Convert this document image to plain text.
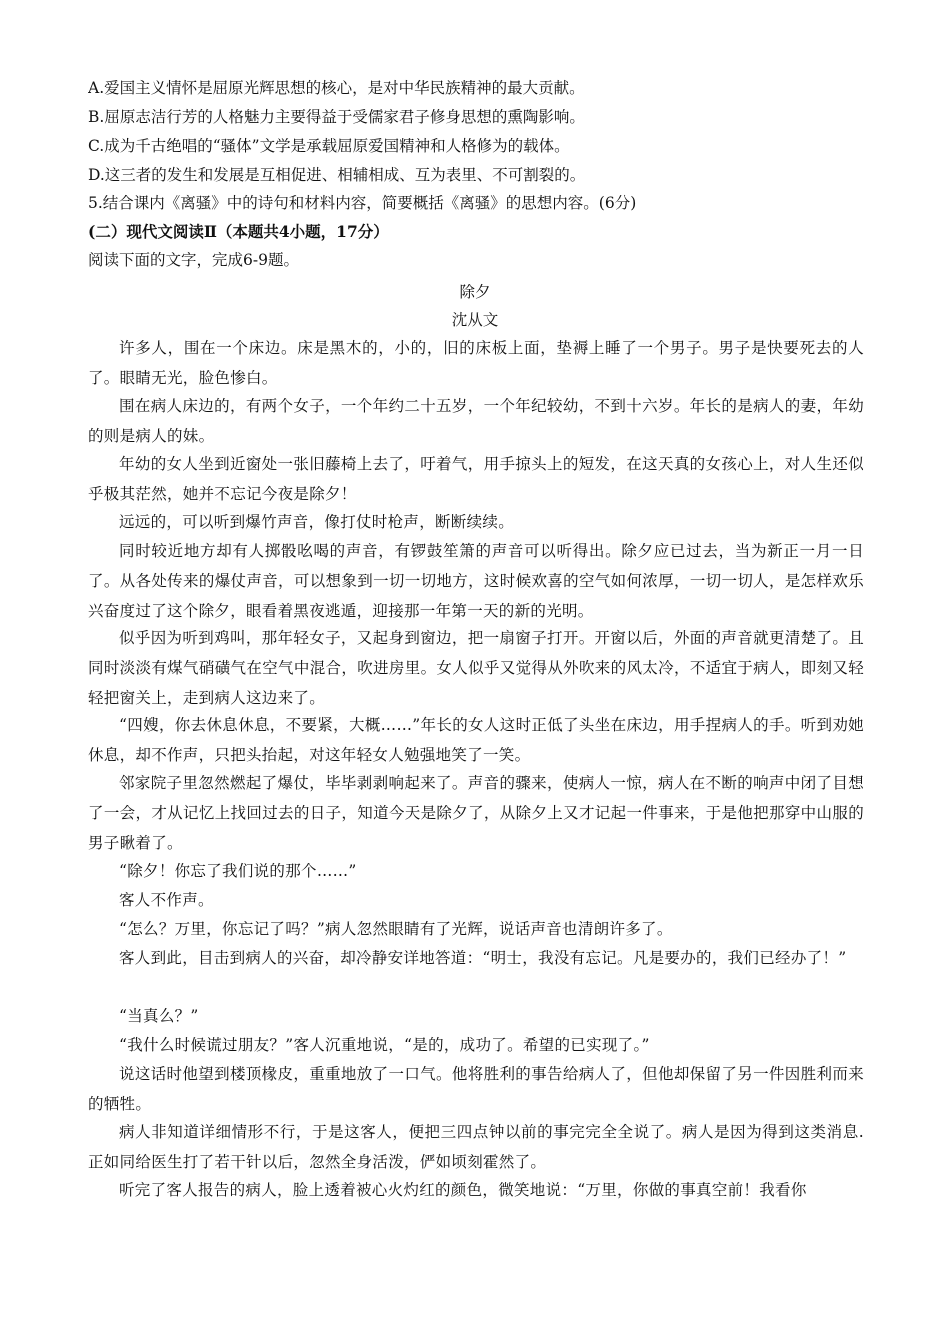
A.爱国主义情怀是屈原光辉思想的核心，是对中华民族精神的最大贡献。
B.屈原志洁行芳的人格魅力主要得益于受儒家君子修身思想的熏陶影响。
C.成为千古绝唱的“骚体”文学是承载屈原爱国精神和人格修为的载体。
D.这三者的发生和发展是互相促进、相辅相成、互为表里、不可割裂的。
5.结合课内《离骚》中的诗句和材料内容，简要概括《离骚》的思想内容。(6分)
(二）现代文阅读Ⅱ（本题共4小题，17分）
阅读下面的文字，完成6-9题。
除夕
沈从文
许多人，围在一个床边。床是黑木的，小的，旧的床板上面，垫褥上睡了一个男子。男子是快要死去的人了。眼睛无光，脸色惨白。
围在病人床边的，有两个女子，一个年约二十五岁，一个年纪较幼，不到十六岁。年长的是病人的妻，年幼的则是病人的妹。
年幼的女人坐到近窗处一张旧藤椅上去了，吁着气，用手掠头上的短发，在这天真的女孩心上，对人生还似乎极其茫然，她并不忘记今夜是除夕！
远远的，可以听到爆竹声音，像打仗时枪声，断断续续。
同时较近地方却有人掷骰吆喝的声音，有锣鼓笙箫的声音可以听得出。除夕应已过去，当为新正一月一日了。从各处传来的爆仗声音，可以想象到一切一切地方，这时候欢喜的空气如何浓厚，一切一切人，是怎样欢乐兴奋度过了这个除夕，眼看着黑夜逃遁，迎接那一年第一天的新的光明。
似乎因为听到鸡叫，那年轻女子，又起身到窗边，把一扇窗子打开。开窗以后，外面的声音就更清楚了。且同时淡淡有煤气硝磺气在空气中混合，吹进房里。女人似乎又觉得从外吹来的风太冷，不适宜于病人，即刻又轻轻把窗关上，走到病人这边来了。
“四嫂，你去休息休息，不要紧，大概……”年长的女人这时正低了头坐在床边，用手捏病人的手。听到劝她休息，却不作声，只把头抬起，对这年轻女人勉强地笑了一笑。
邻家院子里忽然燃起了爆仗，毕毕剥剥响起来了。声音的骤来，使病人一惊，病人在不断的响声中闭了目想了一会，才从记忆上找回过去的日子，知道今天是除夕了，从除夕上又才记起一件事来，于是他把那穿中山服的男子瞅着了。
“除夕！你忘了我们说的那个……”
客人不作声。
“怎么？万里，你忘记了吗？”病人忽然眼睛有了光辉，说话声音也清朗许多了。
客人到此，目击到病人的兴奋，却冷静安详地答道：“明士，我没有忘记。凡是要办的，我们已经办了！”
“当真么？”
“我什么时候谎过朋友？”客人沉重地说，“是的，成功了。希望的已实现了。”
说这话时他望到楼顶椽皮，重重地放了一口气。他将胜利的事告给病人了，但他却保留了另一件因胜利而来的牺牲。
病人非知道详细情形不行，于是这客人，便把三四点钟以前的事完完全全说了。病人是因为得到这类消息.正如同给医生打了若干针以后，忽然全身活泼，俨如顷刻霍然了。
听完了客人报告的病人，脸上透着被心火灼红的颜色，微笑地说：“万里，你做的事真空前！我看你
